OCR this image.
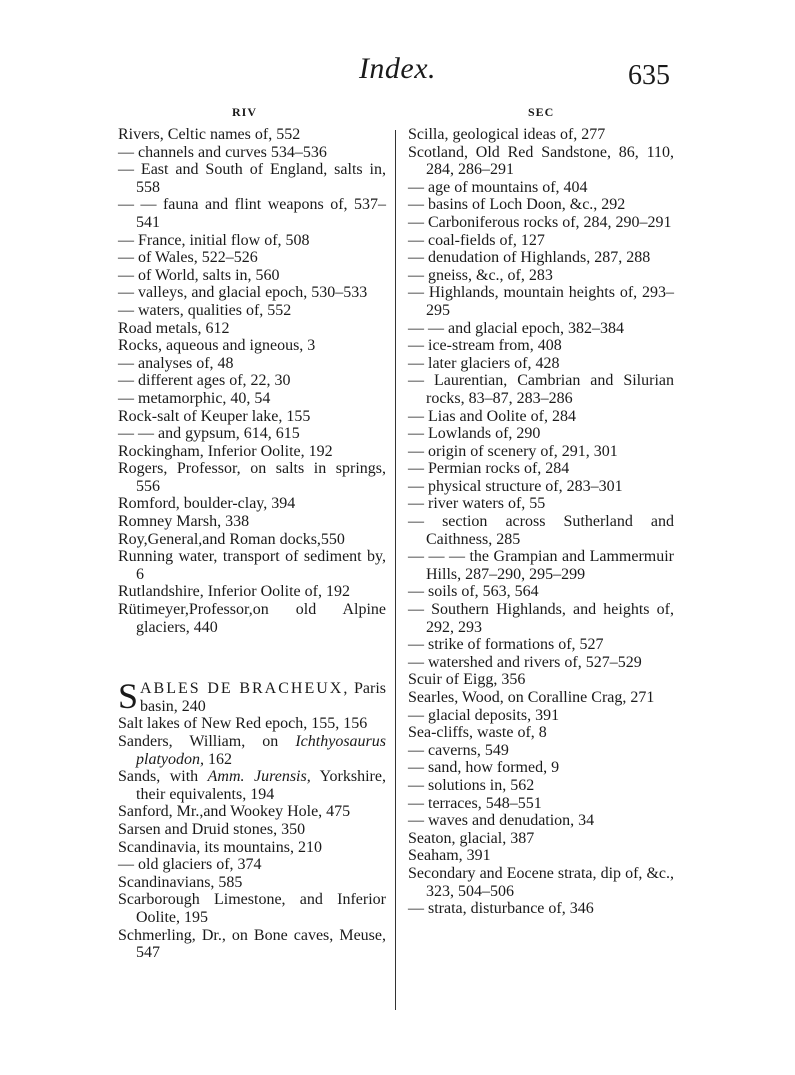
Index.	635
RIV	SEC
Rivers, Celtic names of, 552
— channels and curves 534–536
— East and South of England, salts in, 558
— — fauna and flint weapons of, 537–541
— France, initial flow of, 508
— of Wales, 522–526
— of World, salts in, 560
— valleys, and glacial epoch, 530–533
— waters, qualities of, 552
Road metals, 612
Rocks, aqueous and igneous, 3
— analyses of, 48
— different ages of, 22, 30
— metamorphic, 40, 54
Rock-salt of Keuper lake, 155
— — and gypsum, 614, 615
Rockingham, Inferior Oolite, 192
Rogers, Professor, on salts in springs, 556
Romford, boulder-clay, 394
Romney Marsh, 338
Roy,General,and Roman docks,550
Running water, transport of sediment by, 6
Rutlandshire, Inferior Oolite of, 192
Rütimeyer,Professor,on old Alpine glaciers, 440
S ABLES DE BRACHEUX, Paris basin, 240
Salt lakes of New Red epoch, 155, 156
Sanders, William, on Ichthyosaurus platyodon, 162
Sands, with Amm. Jurensis, Yorkshire, their equivalents, 194
Sanford, Mr.,and Wookey Hole, 475
Sarsen and Druid stones, 350
Scandinavia, its mountains, 210
— old glaciers of, 374
Scandinavians, 585
Scarborough Limestone, and Inferior Oolite, 195
Schmerling, Dr., on Bone caves, Meuse, 547
Scilla, geological ideas of, 277
Scotland, Old Red Sandstone, 86, 110, 284, 286–291
— age of mountains of, 404
— basins of Loch Doon, &c., 292
— Carboniferous rocks of, 284, 290–291
— coal-fields of, 127
— denudation of Highlands, 287, 288
— gneiss, &c., of, 283
— Highlands, mountain heights of, 293–295
— — and glacial epoch, 382–384
— ice-stream from, 408
— later glaciers of, 428
— Laurentian, Cambrian and Silurian rocks, 83–87, 283–286
— Lias and Oolite of, 284
— Lowlands of, 290
— origin of scenery of, 291, 301
— Permian rocks of, 284
— physical structure of, 283–301
— river waters of, 55
— section across Sutherland and Caithness, 285
— — — the Grampian and Lammermuir Hills, 287–290, 295–299
— soils of, 563, 564
— Southern Highlands, and heights of, 292, 293
— strike of formations of, 527
— watershed and rivers of, 527–529
Scuir of Eigg, 356
Searles, Wood, on Coralline Crag, 271
— glacial deposits, 391
Sea-cliffs, waste of, 8
— caverns, 549
— sand, how formed, 9
— solutions in, 562
— terraces, 548–551
— waves and denudation, 34
Seaton, glacial, 387
Seaham, 391
Secondary and Eocene strata, dip of, &c., 323, 504–506
— strata, disturbance of, 346
